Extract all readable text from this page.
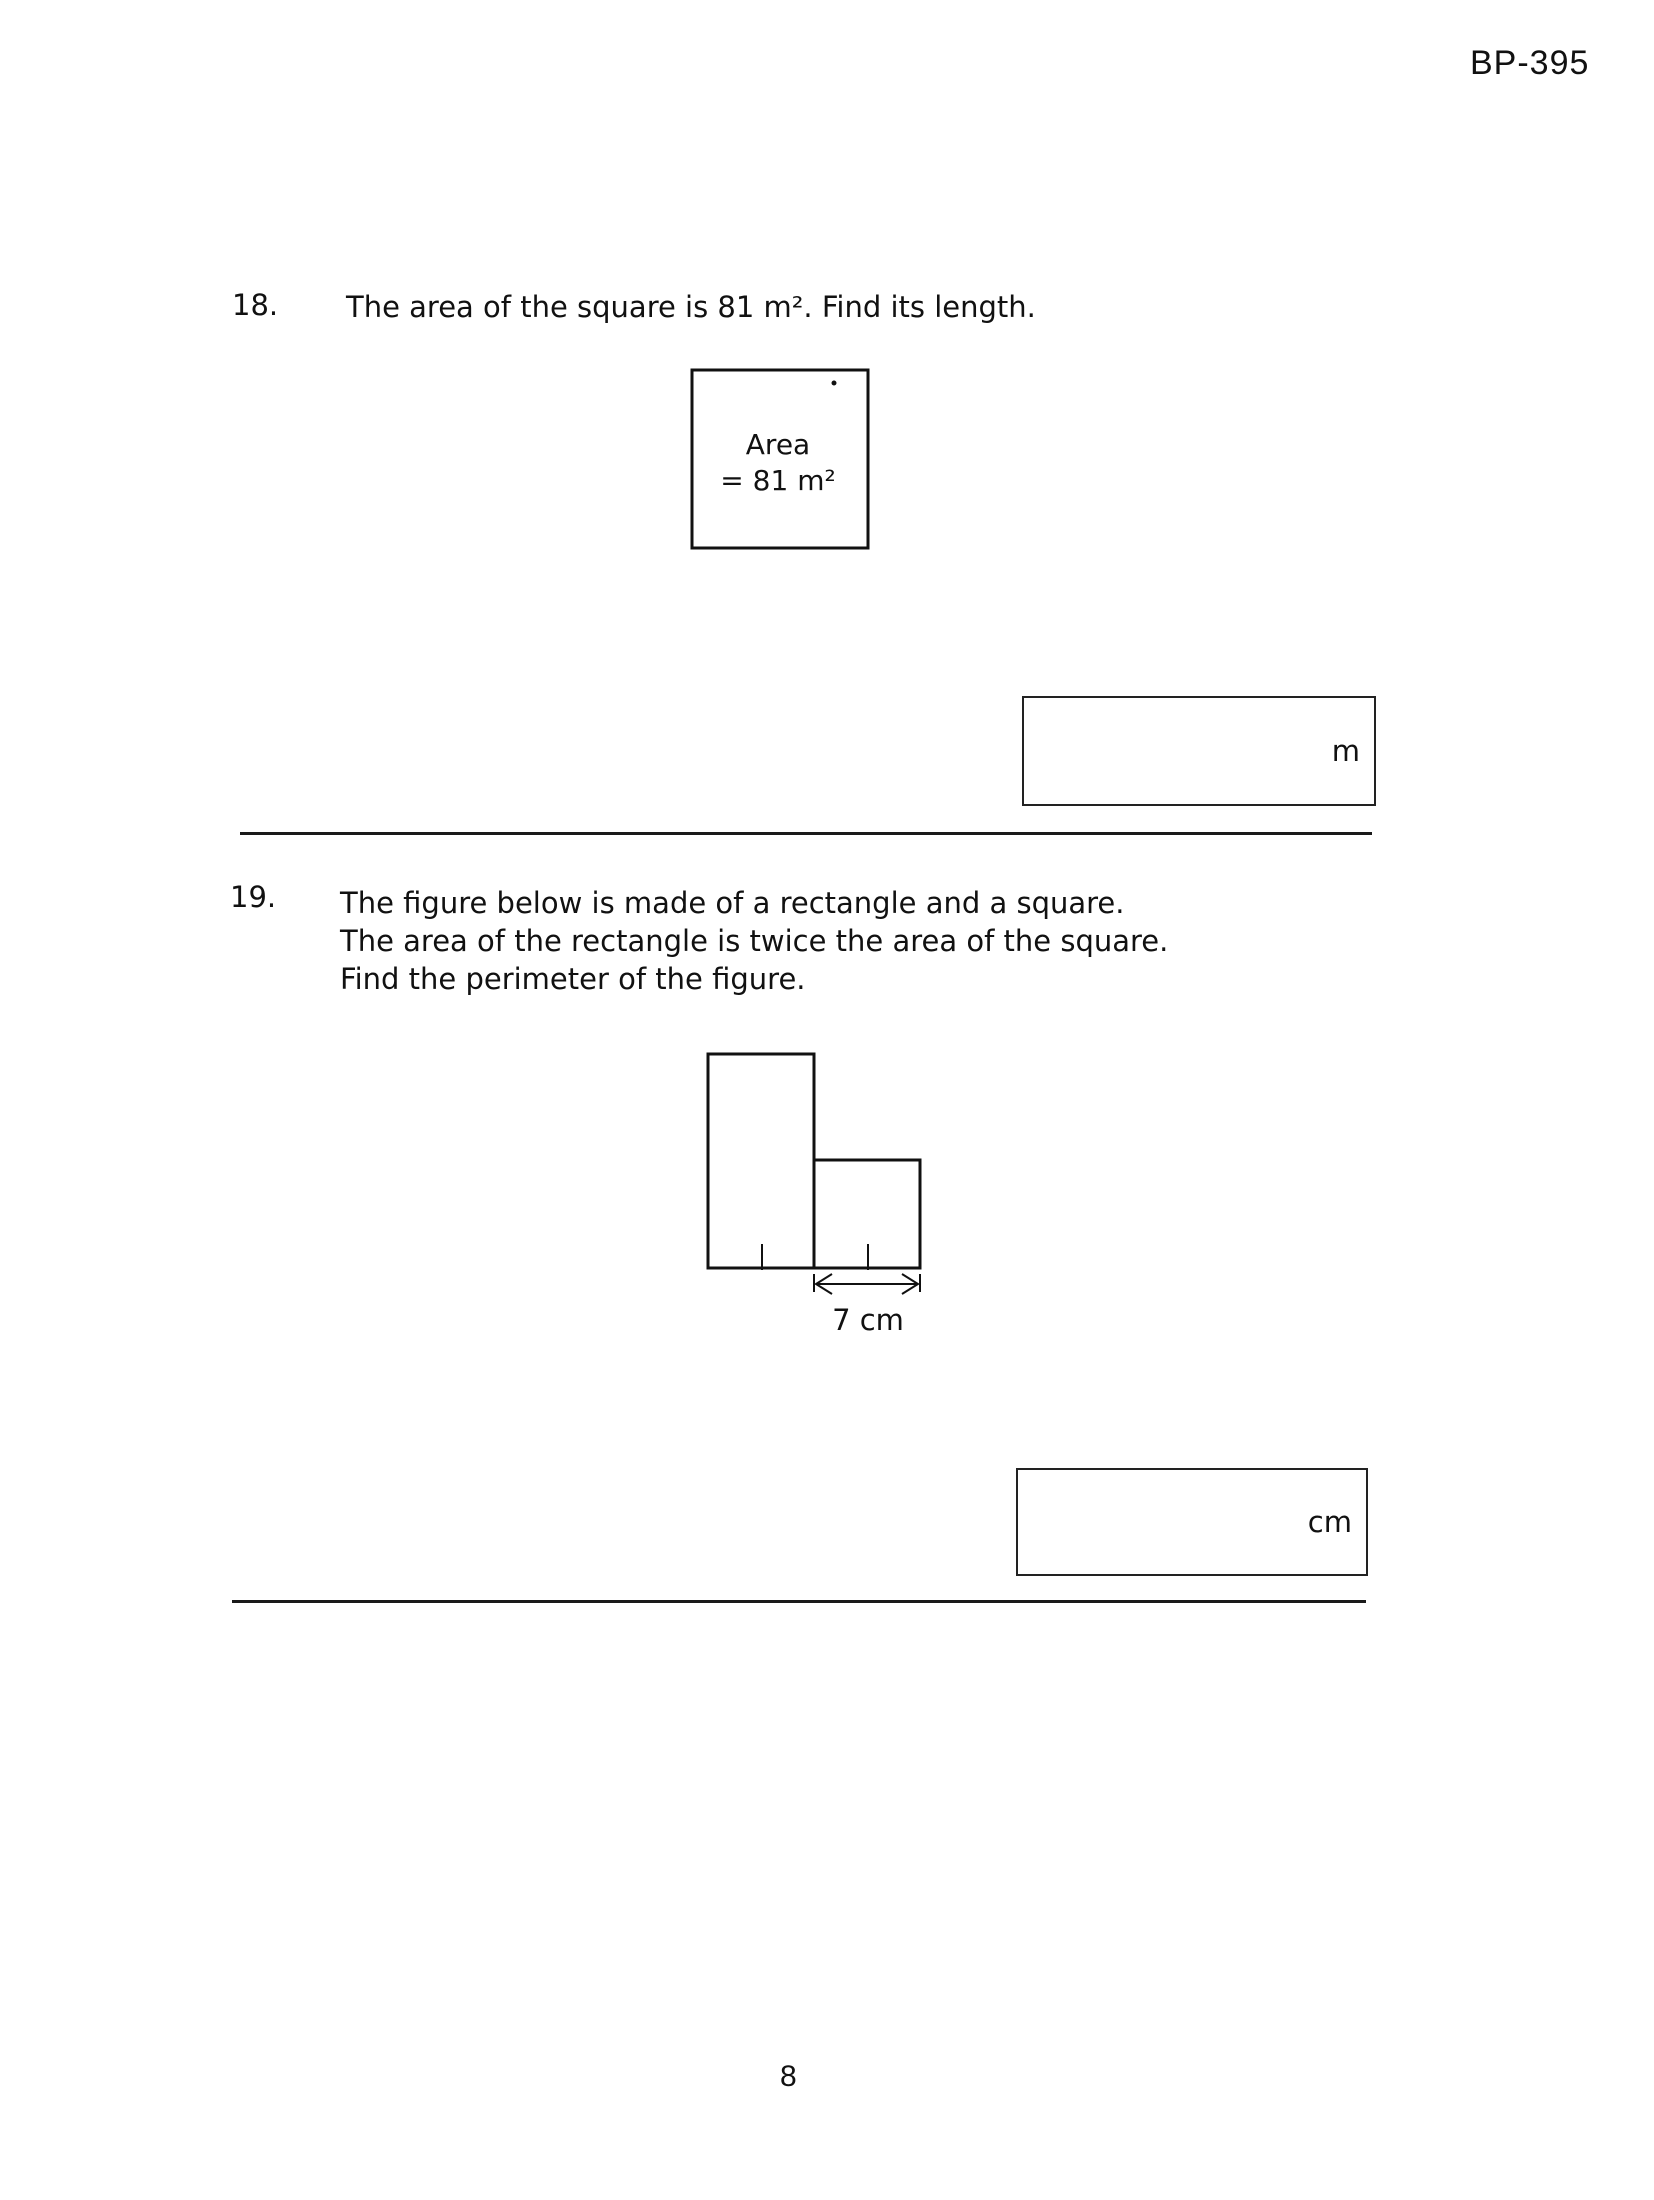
BP-395
18. The area of the square is 81 m². Find its length.
Area
= 81 m²
m
19. The figure below is made of a rectangle and a square.
The area of the rectangle is twice the area of the square.
Find the perimeter of the figure.
7 cm
cm
8
